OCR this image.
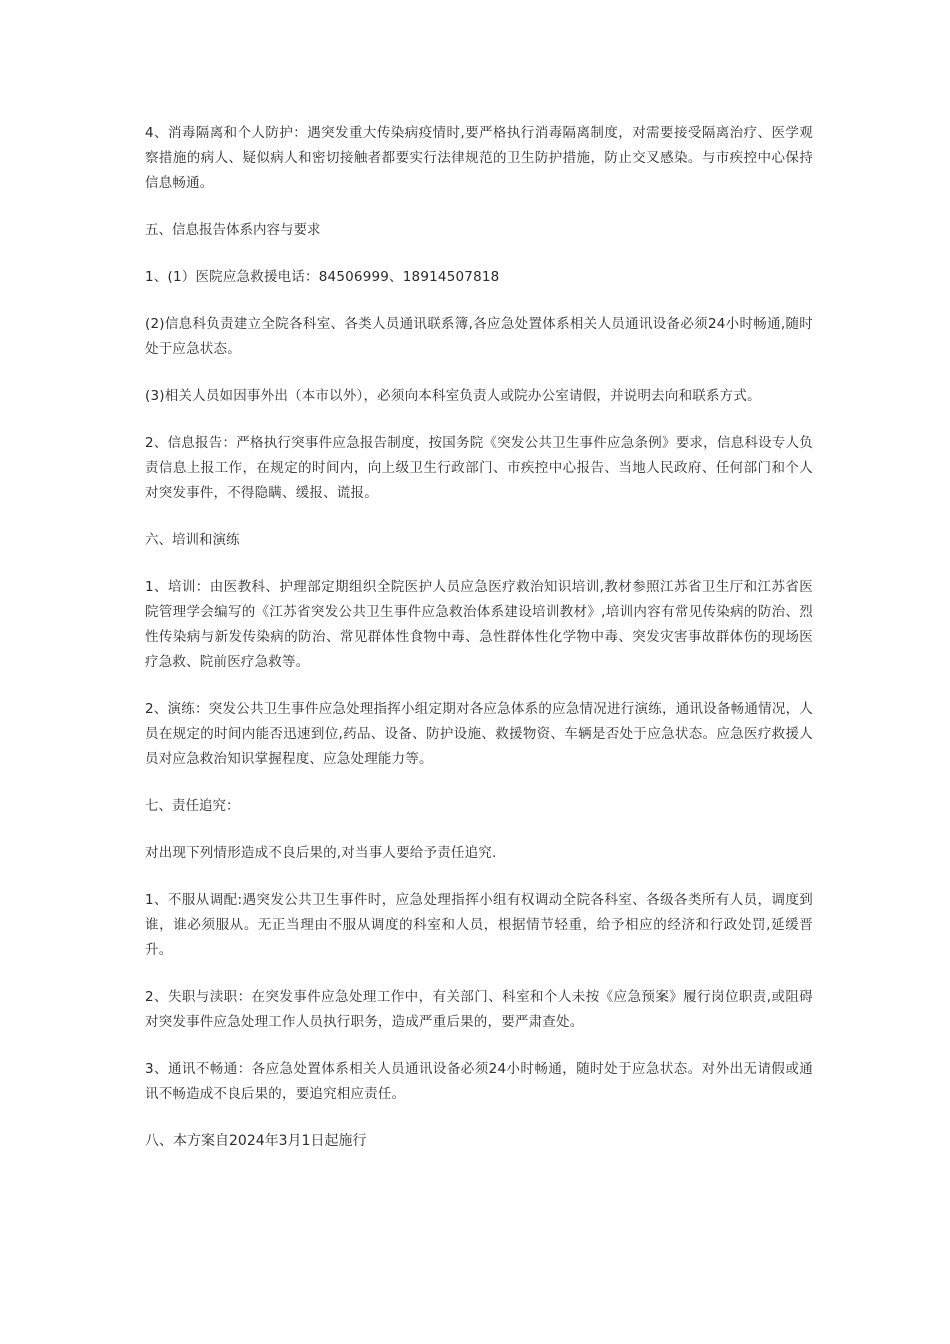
4、消毒隔离和个人防护：遇突发重大传染病疫情时,要严格执行消毒隔离制度，对需要接受隔离治疗、医学观察措施的病人、疑似病人和密切接触者都要实行法律规范的卫生防护措施，防止交叉感染。与市疾控中心保持信息畅通。

五、信息报告体系内容与要求

1、(1）医院应急救援电话：84506999、18914507818

(2)信息科负责建立全院各科室、各类人员通讯联系簿,各应急处置体系相关人员通讯设备必须24小时畅通,随时处于应急状态。

(3)相关人员如因事外出（本市以外），必须向本科室负责人或院办公室请假，并说明去向和联系方式。

2、信息报告：严格执行突事件应急报告制度，按国务院《突发公共卫生事件应急条例》要求，信息科设专人负责信息上报工作，在规定的时间内，向上级卫生行政部门、市疾控中心报告、当地人民政府、任何部门和个人对突发事件，不得隐瞒、缓报、谎报。

六、培训和演练

1、培训：由医教科、护理部定期组织全院医护人员应急医疗救治知识培训,教材参照江苏省卫生厅和江苏省医院管理学会编写的《江苏省突发公共卫生事件应急救治体系建设培训教材》,培训内容有常见传染病的防治、烈性传染病与新发传染病的防治、常见群体性食物中毒、急性群体性化学物中毒、突发灾害事故群体伤的现场医疗急救、院前医疗急救等。

2、演练：突发公共卫生事件应急处理指挥小组定期对各应急体系的应急情况进行演练，通讯设备畅通情况，人员在规定的时间内能否迅速到位,药品、设备、防护设施、救援物资、车辆是否处于应急状态。应急医疗救援人员对应急救治知识掌握程度、应急处理能力等。

七、责任追究：

对出现下列情形造成不良后果的,对当事人要给予责任追究.

1、不服从调配:遇突发公共卫生事件时，应急处理指挥小组有权调动全院各科室、各级各类所有人员，调度到谁，谁必须服从。无正当理由不服从调度的科室和人员，根据情节轻重，给予相应的经济和行政处罚,延缓晋升。

2、失职与渎职：在突发事件应急处理工作中，有关部门、科室和个人未按《应急预案》履行岗位职责,或阻碍对突发事件应急处理工作人员执行职务，造成严重后果的，要严肃查处。

3、通讯不畅通：各应急处置体系相关人员通讯设备必须24小时畅通，随时处于应急状态。对外出无请假或通讯不畅造成不良后果的，要追究相应责任。

八、本方案自2024年3月1日起施行
